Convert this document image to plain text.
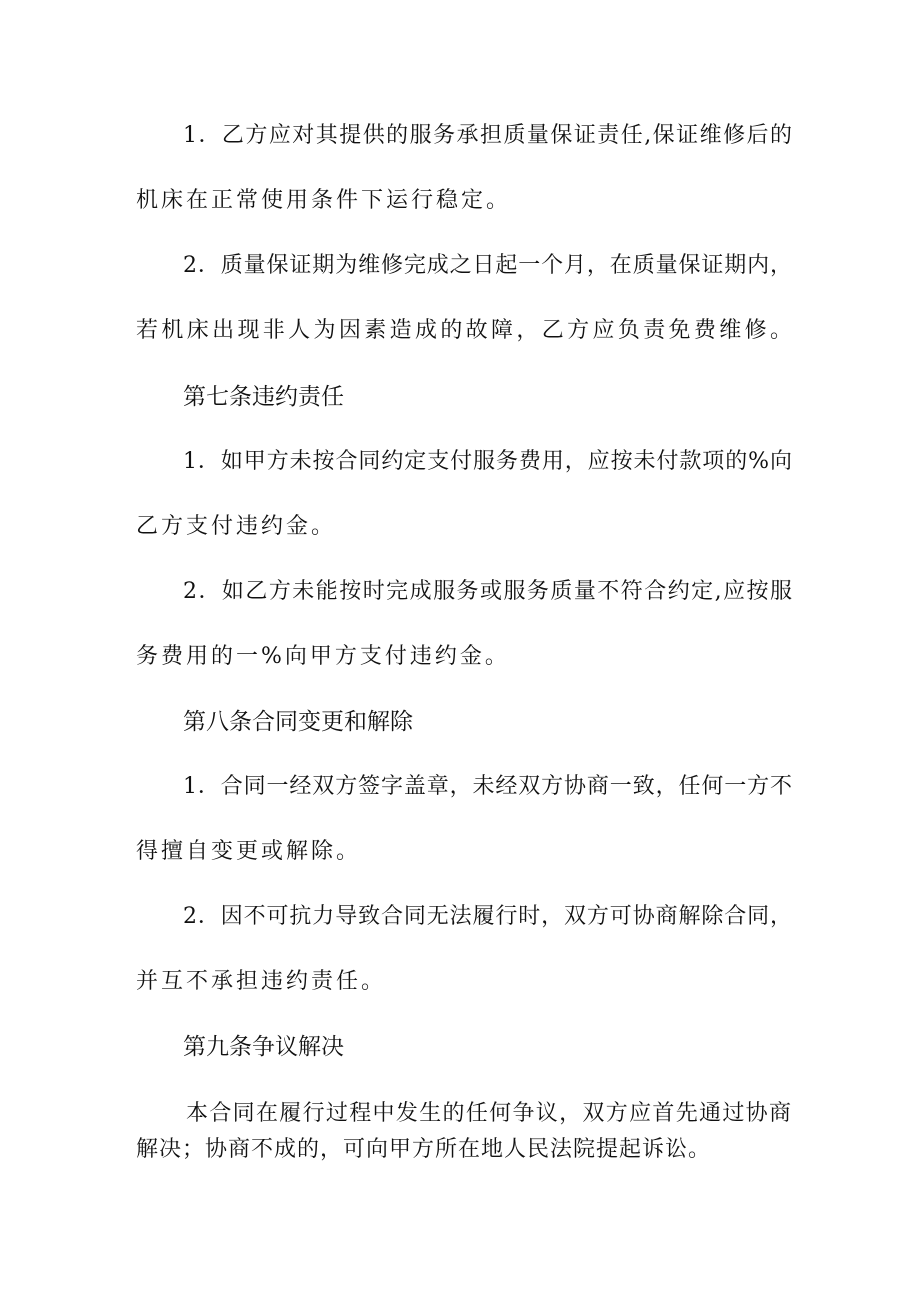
1．乙方应对其提供的服务承担质量保证责任,保证维修后的
机床在正常使用条件下运行稳定。
2．质量保证期为维修完成之日起一个月，在质量保证期内，
若机床出现非人为因素造成的故障，乙方应负责免费维修。
第七条违约责任
1．如甲方未按合同约定支付服务费用，应按未付款项的%向
乙方支付违约金。
2．如乙方未能按时完成服务或服务质量不符合约定,应按服
务费用的一%向甲方支付违约金。
第八条合同变更和解除
1．合同一经双方签字盖章，未经双方协商一致，任何一方不
得擅自变更或解除。
2．因不可抗力导致合同无法履行时，双方可协商解除合同，
并互不承担违约责任。
第九条争议解决
本合同在履行过程中发生的任何争议，双方应首先通过协商解决；协商不成的，可向甲方所在地人民法院提起诉讼。
